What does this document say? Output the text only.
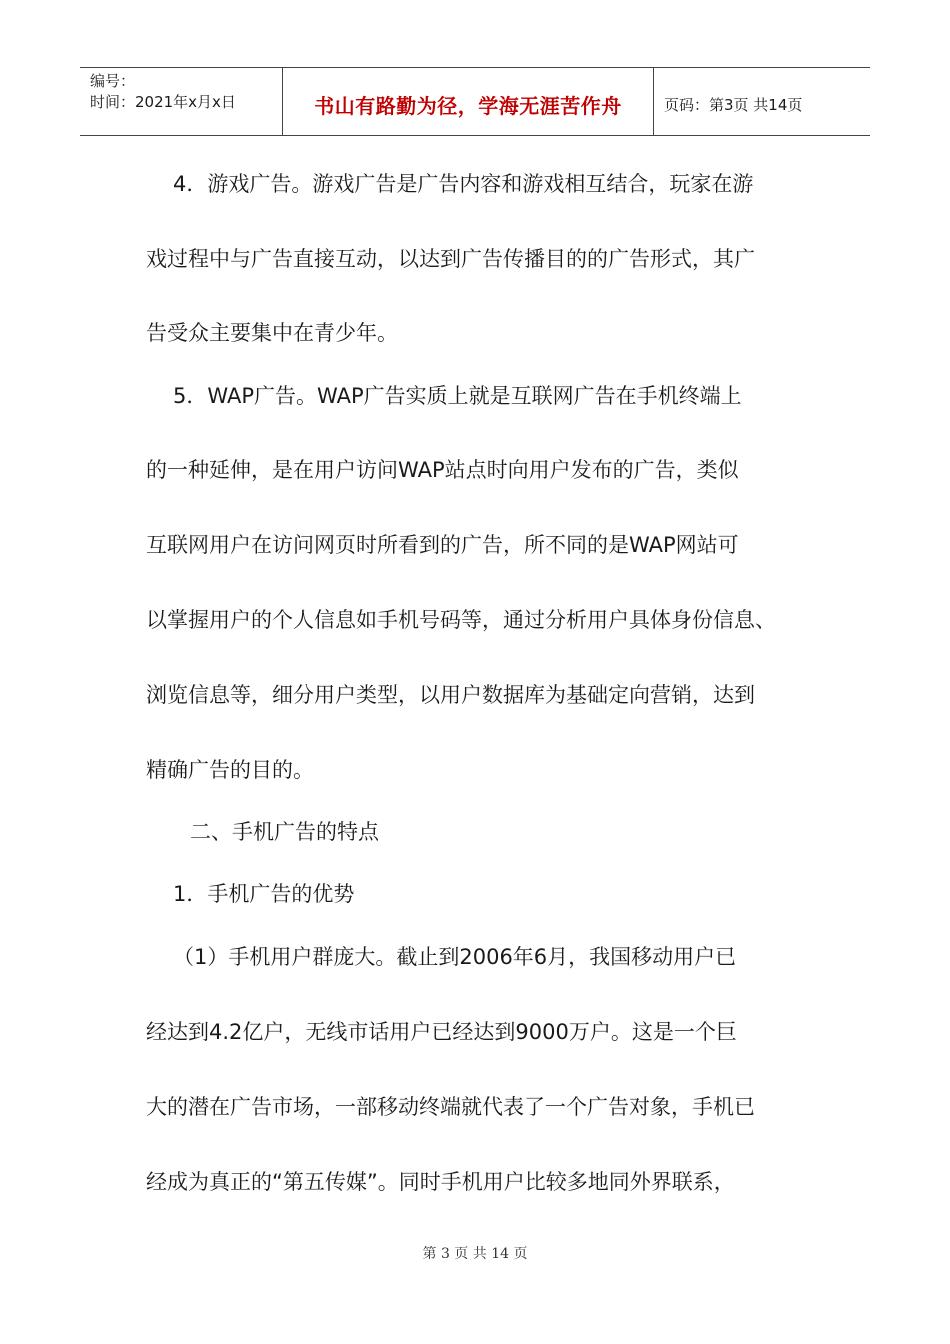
编号：
时间：2021年x月x日	书山有路勤为径，学海无涯苦作舟	页码：第3页 共14页
4．游戏广告。游戏广告是广告内容和游戏相互结合，玩家在游
戏过程中与广告直接互动，以达到广告传播目的的广告形式，其广
告受众主要集中在青少年。
5．WAP广告。WAP广告实质上就是互联网广告在手机终端上
的一种延伸，是在用户访问WAP站点时向用户发布的广告，类似
互联网用户在访问网页时所看到的广告，所不同的是WAP网站可
以掌握用户的个人信息如手机号码等，通过分析用户具体身份信息、
浏览信息等，细分用户类型，以用户数据库为基础定向营销，达到
精确广告的目的。
二、手机广告的特点
1．手机广告的优势
（1）手机用户群庞大。截止到2006年6月，我国移动用户已
经达到4.2亿户，无线市话用户已经达到9000万户。这是一个巨
大的潜在广告市场，一部移动终端就代表了一个广告对象，手机已
经成为真正的“第五传媒”。同时手机用户比较多地同外界联系，
第 3 页 共 14 页
